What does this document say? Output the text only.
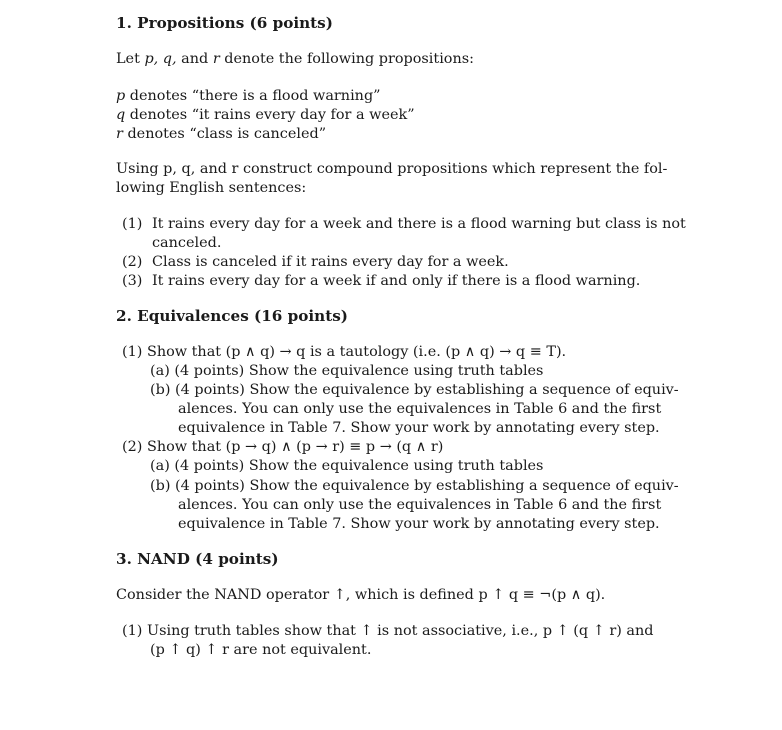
1. Propositions (6 points)
Let p, q, and r denote the following propositions:
p denotes “there is a flood warning”
q denotes “it rains every day for a week”
r denotes “class is canceled”
Using p, q, and r construct compound propositions which represent the fol-
lowing English sentences:
(1) It rains every day for a week and there is a flood warning but class is not
canceled.
(2) Class is canceled if it rains every day for a week.
(3) It rains every day for a week if and only if there is a flood warning.
2. Equivalences (16 points)
(1) Show that (p ∧ q) → q is a tautology (i.e. (p ∧ q) → q ≡ T).
(a) (4 points) Show the equivalence using truth tables
(b) (4 points) Show the equivalence by establishing a sequence of equiv-
alences. You can only use the equivalences in Table 6 and the first
equivalence in Table 7. Show your work by annotating every step.
(2) Show that (p → q) ∧ (p → r) ≡ p → (q ∧ r)
(a) (4 points) Show the equivalence using truth tables
(b) (4 points) Show the equivalence by establishing a sequence of equiv-
alences. You can only use the equivalences in Table 6 and the first
equivalence in Table 7. Show your work by annotating every step.
3. NAND (4 points)
Consider the NAND operator ↑, which is defined p ↑ q ≡ ¬(p ∧ q).
(1) Using truth tables show that ↑ is not associative, i.e., p ↑ (q ↑ r) and
(p ↑ q) ↑ r are not equivalent.
